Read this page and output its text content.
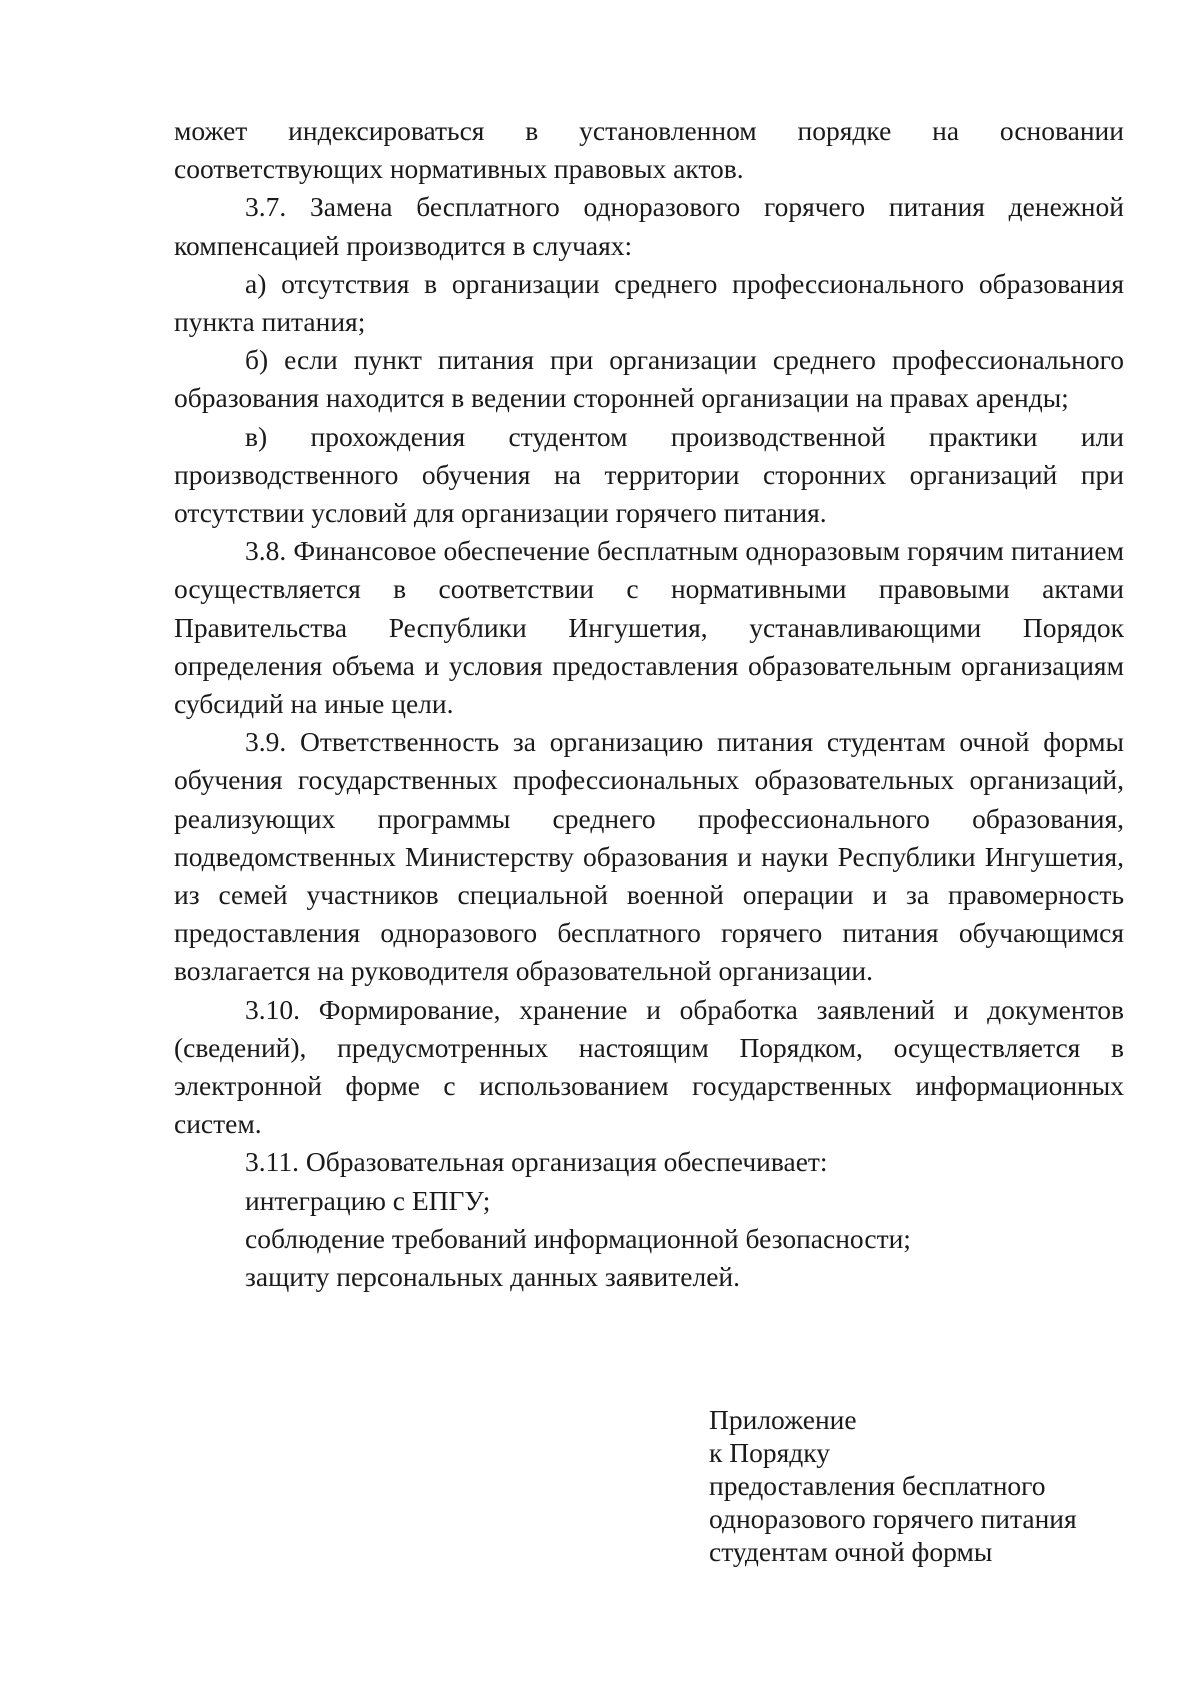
может индексироваться в установленном порядке на основании соответствующих нормативных правовых актов.

3.7. Замена бесплатного одноразового горячего питания денежной компенсацией производится в случаях:

а) отсутствия в организации среднего профессионального образования пункта питания;

б) если пункт питания при организации среднего профессионального образования находится в ведении сторонней организации на правах аренды;

в) прохождения студентом производственной практики или производственного обучения на территории сторонних организаций при отсутствии условий для организации горячего питания.

3.8. Финансовое обеспечение бесплатным одноразовым горячим питанием осуществляется в соответствии с нормативными правовыми актами Правительства Республики Ингушетия, устанавливающими Порядок определения объема и условия предоставления образовательным организациям субсидий на иные цели.

3.9. Ответственность за организацию питания студентам очной формы обучения государственных профессиональных образовательных организаций, реализующих программы среднего профессионального образования, подведомственных Министерству образования и науки Республики Ингушетия, из семей участников специальной военной операции и за правомерность предоставления одноразового бесплатного горячего питания обучающимся возлагается на руководителя образовательной организации.

3.10. Формирование, хранение и обработка заявлений и документов (сведений), предусмотренных настоящим Порядком, осуществляется в электронной форме с использованием государственных информационных систем.

3.11. Образовательная организация обеспечивает:

интеграцию с ЕПГУ;

соблюдение требований информационной безопасности;

защиту персональных данных заявителей.

Приложение
к Порядку
предоставления бесплатного
одноразового горячего питания
студентам очной формы
